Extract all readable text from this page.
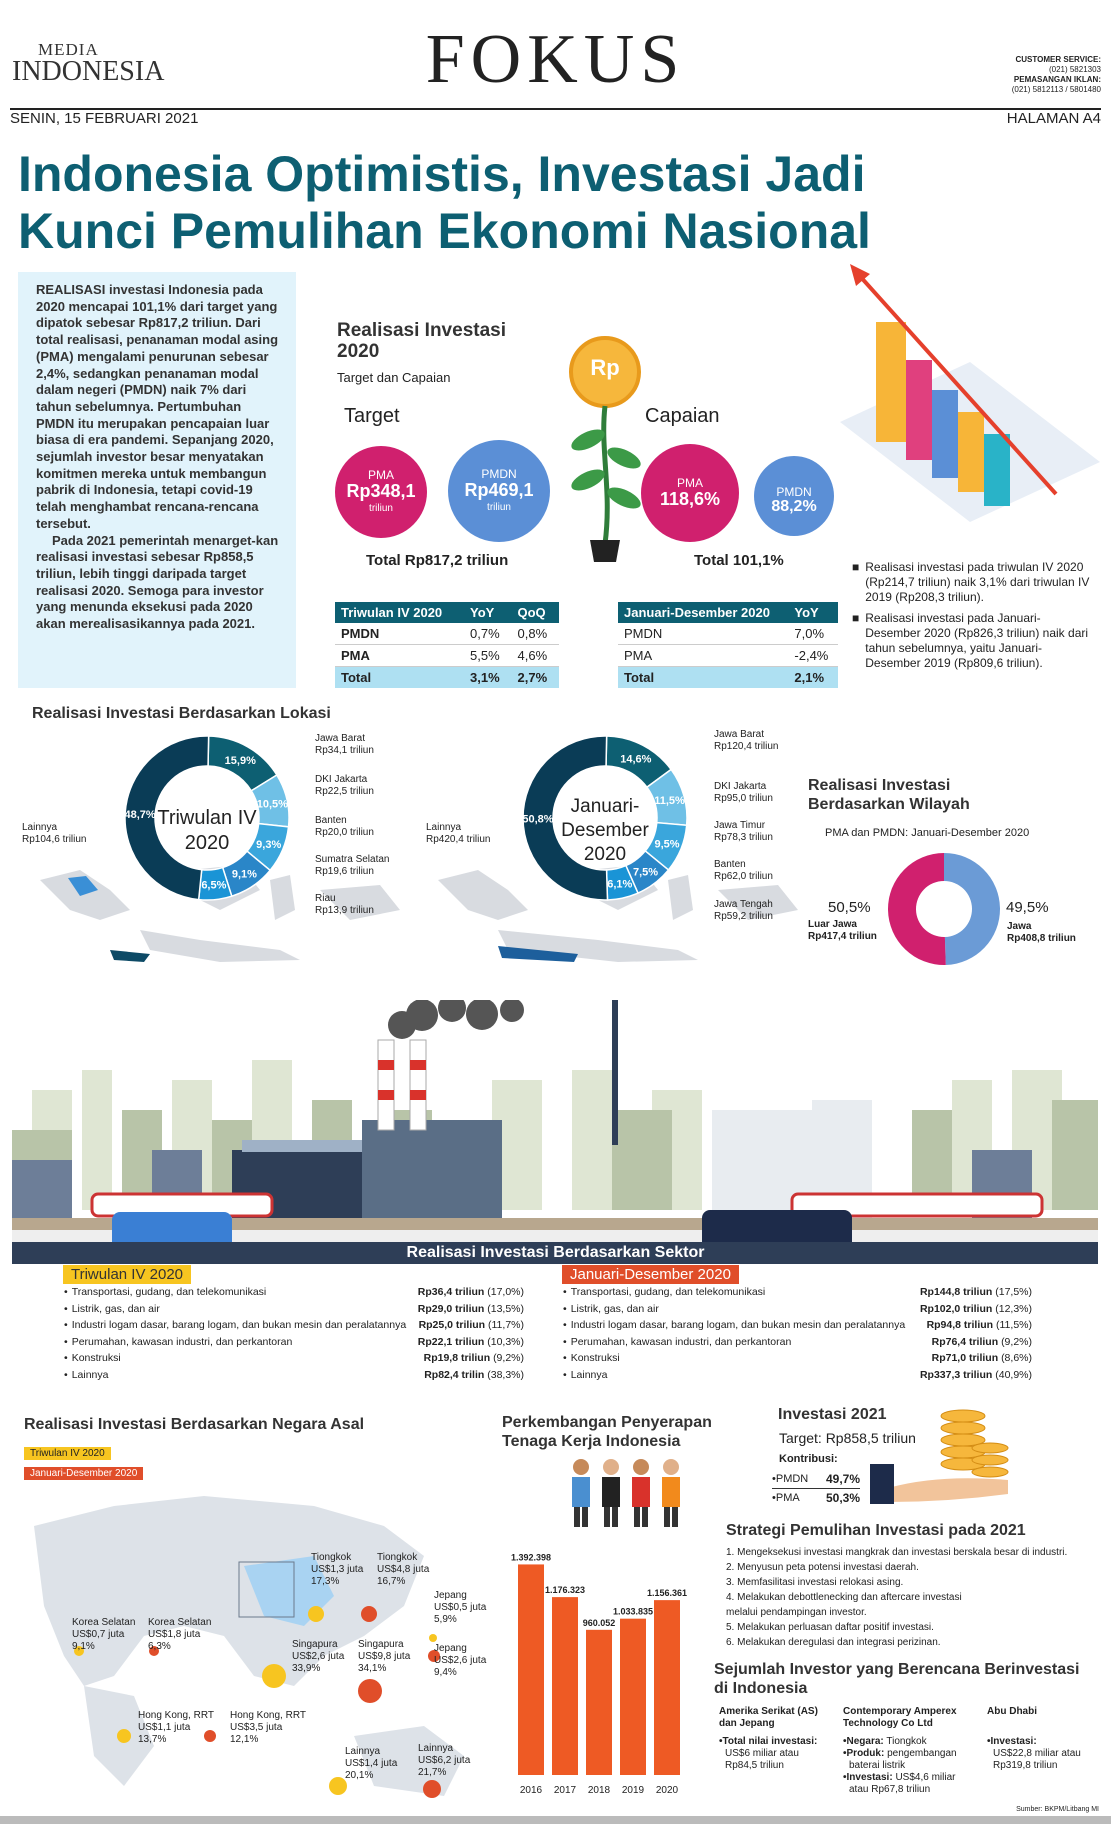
MEDIA
INDONESIA	FOKUS	CUSTOMER SERVICE:
(021) 5821303
PEMASANGAN IKLAN:
(021) 5812113 / 5801480
SENIN, 15 FEBRUARI 2021	HALAMAN A4
Indonesia Optimistis, Investasi Jadi
Kunci Pemulihan Ekonomi Nasional

REALISASI investasi Indonesia pada 2020 mencapai 101,1% dari target yang dipatok sebesar Rp817,2 triliun. Dari total realisasi, penanaman modal asing (PMA) mengalami penurunan sebesar 2,4%, sedangkan penanaman modal dalam negeri (PMDN) naik 7% dari tahun sebelumnya. Pertumbuhan PMDN itu merupakan pencapaian luar biasa di era pandemi. Sepanjang 2020, sejumlah investor besar menyatakan komitmen mereka untuk membangun pabrik di Indonesia, tetapi covid-19 telah menghambat rencana-rencana tersebut.

Pada 2021 pemerintah menarget-kan realisasi investasi sebesar Rp858,5 triliun, lebih tinggi daripada target realisasi 2020. Semoga para investor yang menunda eksekusi pada 2020 akan merealisasikannya pada 2021.

Realisasi Investasi
2020
Target dan Capaian
Target	Capaian
PMA
Rp348,1
triliun
PMDN
Rp469,1
triliun
PMA
118,6%	PMDN
88,2%
Total Rp817,2 triliun	Total 101,1%
Rp
Triwulan IV 2020	YoY	QoQ
PMDN	0,7%	0,8%
PMA	5,5%	4,6%
Total	3,1%	2,7%
Januari-Desember 2020	YoY
PMDN	7,0%
PMA	-2,4%
Total	2,1%
■ Realisasi investasi pada triwulan IV 2020 (Rp214,7 triliun) naik 3,1% dari triwulan IV 2019 (Rp208,3 triliun).
■ Realisasi investasi pada Januari-Desember 2020 (Rp826,3 triliun) naik dari tahun sebelumnya, yaitu Januari-Desember 2019 (Rp809,6 triliun).
Realisasi Investasi Berdasarkan Lokasi
15,9%
10,5%
9,3%
9,1%
6,5%
48,7% Triwulan IV
2020
Lainnya
Rp104,6 triliun
Jawa Barat
Rp34,1 triliun
DKI Jakarta
Rp22,5 triliun
Banten
Rp20,0 triliun
Sumatra Selatan
Rp19,6 triliun
Riau
Rp13,9 triliun
14,6%
11,5%
9,5%
7,5%
6,1%
50,8%
Januari-
Desember
2020
Lainnya
Rp420,4 triliun
Jawa Barat
Rp120,4 triliun
DKI Jakarta
Rp95,0 triliun
Jawa Timur
Rp78,3 triliun
Banten
Rp62,0 triliun
Jawa Tengah
Rp59,2 triliun
Realisasi Investasi
Berdasarkan Wilayah
PMA dan PMDN: Januari-Desember 2020
50,5%
Luar Jawa
Rp417,4 triliun
49,5%
Jawa
Rp408,8 triliun
Realisasi Investasi Berdasarkan Sektor
Triwulan IV 2020	Januari-Desember 2020
• Transportasi, gudang, dan telekomunikasi	Rp36,4 triliun (17,0%)
• Listrik, gas, dan air	Rp29,0 triliun (13,5%)
• Industri logam dasar, barang logam, dan bukan mesin dan peralatannya Rp25,0 triliun (11,7%)
• Perumahan, kawasan industri, dan perkantoran	Rp22,1 triliun (10,3%)
• Konstruksi	Rp19,8 triliun (9,2%)
• Lainnya	Rp82,4 trilin (38,3%)
• Transportasi, gudang, dan telekomunikasi	Rp144,8 triliun (17,5%)
• Listrik, gas, dan air	Rp102,0 triliun (12,3%)
• Industri logam dasar, barang logam, dan bukan mesin dan peralatannya Rp94,8 triliun (11,5%)
• Perumahan, kawasan industri, dan perkantoran	Rp76,4 triliun (9,2%)
• Konstruksi	Rp71,0 triliun (8,6%)
• Lainnya	Rp337,3 triliun (40,9%)
Realisasi Investasi Berdasarkan Negara Asal
Triwulan IV 2020
Januari-Desember 2020
Tiongkok
US$1,3 juta
17,3%
Tiongkok
US$4,8 juta
16,7%
Jepang
US$0,5 juta
5,9%
Jepang
US$2,6 juta
9,4%
Korea Selatan
US$0,7 juta
9,1%
Korea Selatan
US$1,8 juta
6,3%	Singapura
US$2,6 juta
33,9%
Singapura
US$9,8 juta
34,1%
Hong Kong, RRT
US$1,1 juta
13,7%
Hong Kong, RRT
US$3,5 juta
12,1%
Lainnya
US$1,4 juta
20,1%
Lainnya
US$6,2 juta
21,7%
Perkembangan Penyerapan
Tenaga Kerja Indonesia
1.392.398
2016
1.176.323
2017
960.052
2018
1.033.835
2019
1.156.361
2020
Investasi 2021
Target: Rp858,5 triliun
Kontribusi:
•PMDN 49,7%
•PMA 50,3%
Strategi Pemulihan Investasi pada 2021
1. Mengeksekusi investasi mangkrak dan investasi berskala besar di industri.
2. Menyusun peta potensi investasi daerah.
3. Memfasilitasi investasi relokasi asing.
4. Melakukan debottlenecking dan aftercare investasi melalui pendampingan investor.
5. Melakukan perluasan daftar positif investasi.
6. Melakukan deregulasi dan integrasi perizinan.
Sejumlah Investor yang Berencana Berinvestasi
di Indonesia
Amerika Serikat (AS)
dan Jepang
•Total nilai investasi:
US$6 miliar atau
Rp84,5 triliun
Contemporary Amperex
Technology Co Ltd
•Negara: Tiongkok
•Produk: pengembangan
baterai listrik
•Investasi: US$4,6 miliar
atau Rp67,8 triliun
Abu Dhabi
•Investasi:
US$22,8 miliar atau
Rp319,8 triliun
Sumber: BKPM/Litbang MI
